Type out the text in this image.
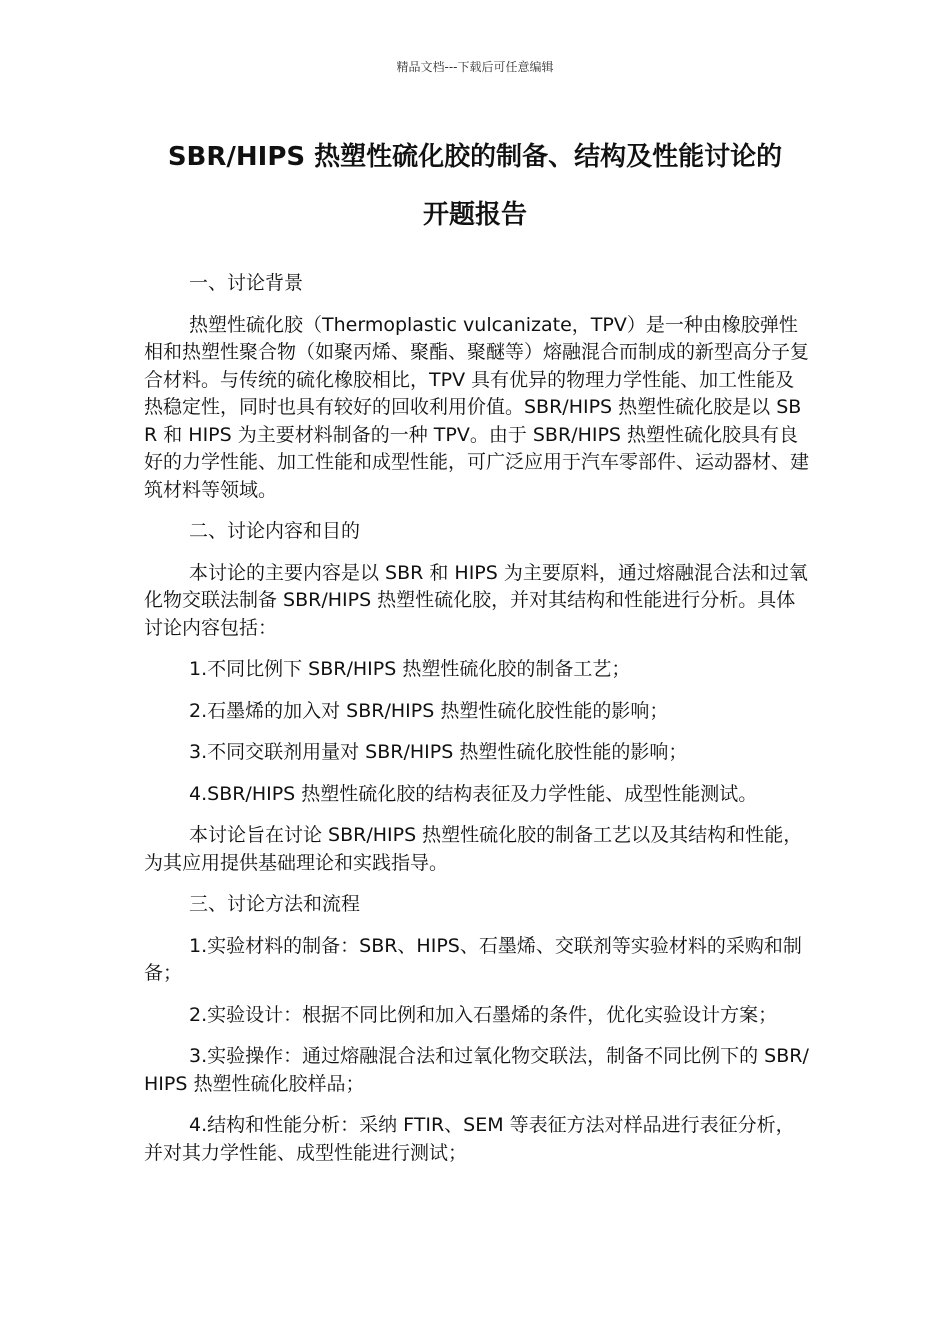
精品文档---下载后可任意编辑
SBR/HIPS 热塑性硫化胶的制备、结构及性能讨论的
开题报告

一、讨论背景

热塑性硫化胶（Thermoplastic vulcanizate，TPV）是一种由橡胶弹性相和热塑性聚合物（如聚丙烯、聚酯、聚醚等）熔融混合而制成的新型高分子复合材料。与传统的硫化橡胶相比，TPV 具有优异的物理力学性能、加工性能及热稳定性，同时也具有较好的回收利用价值。SBR/HIPS 热塑性硫化胶是以 SBR 和 HIPS 为主要材料制备的一种 TPV。由于 SBR/HIPS 热塑性硫化胶具有良好的力学性能、加工性能和成型性能，可广泛应用于汽车零部件、运动器材、建筑材料等领域。

二、讨论内容和目的

本讨论的主要内容是以 SBR 和 HIPS 为主要原料，通过熔融混合法和过氧化物交联法制备 SBR/HIPS 热塑性硫化胶，并对其结构和性能进行分析。具体讨论内容包括：

1.不同比例下 SBR/HIPS 热塑性硫化胶的制备工艺；

2.石墨烯的加入对 SBR/HIPS 热塑性硫化胶性能的影响；

3.不同交联剂用量对 SBR/HIPS 热塑性硫化胶性能的影响；

4.SBR/HIPS 热塑性硫化胶的结构表征及力学性能、成型性能测试。

本讨论旨在讨论 SBR/HIPS 热塑性硫化胶的制备工艺以及其结构和性能，为其应用提供基础理论和实践指导。

三、讨论方法和流程

1.实验材料的制备：SBR、HIPS、石墨烯、交联剂等实验材料的采购和制备；

2.实验设计：根据不同比例和加入石墨烯的条件，优化实验设计方案；

3.实验操作：通过熔融混合法和过氧化物交联法，制备不同比例下的 SBR/HIPS 热塑性硫化胶样品；

4.结构和性能分析：采纳 FTIR、SEM 等表征方法对样品进行表征分析，并对其力学性能、成型性能进行测试；
